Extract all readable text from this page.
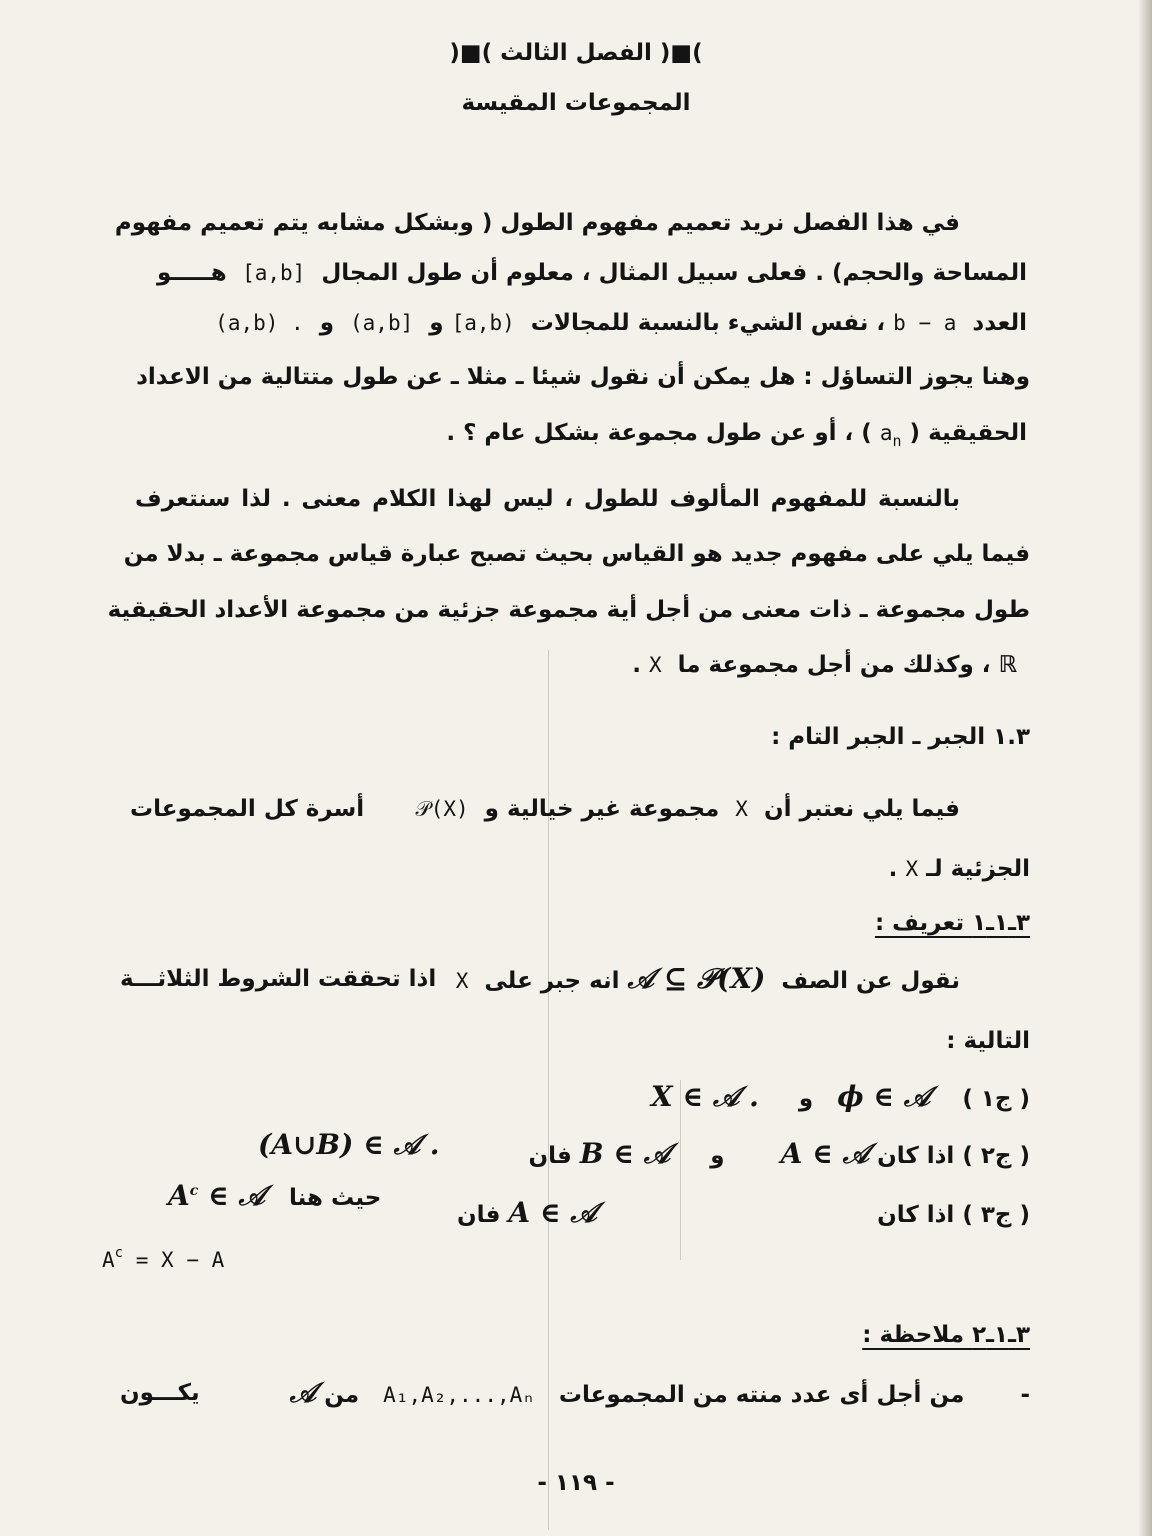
)■( الفصل الثالث )■(
المجموعات المقيسة
في هذا الفصل نريد تعميم مفهوم الطول ( وبشكل مشابه يتم تعميم مفهوم
المساحة والحجم) . فعلى سبيل المثال ، معلوم أن طول المجال  [a,b]
هـــــو
العدد  b − a ، نفس الشيء بالنسبة للمجالات  [a,b) و  (a,b]  و  (a,b) .
وهنا يجوز التساؤل : هل يمكن أن نقول شيئا ـ مثلا ـ عن طول متتالية من الاعداد
الحقيقية ( $a_n$ ) ، أو عن طول مجموعة بشكل عام ؟ .
بالنسبة للمفهوم المألوف للطول ، ليس لهذا الكلام معنى . لذا سنتعرف
فيما يلي على مفهوم جديد هو القياس بحيث تصبح عبارة قياس مجموعة ـ بدلا من
طول مجموعة ـ ذات معنى من أجل أية مجموعة جزئية من مجموعة الأعداد الحقيقية
ℝ ، وكذلك من أجل مجموعة ما  X .
١.٣ الجبر ـ الجبر التام :
فيما يلي نعتبر أن  X  مجموعة غير خيالية و  𝒫(X)
أسرة كل المجموعات
الجزئية لـ X .
٣ـ١ـ١ تعريف :
نقول عن الصف  𝒜 ⊆ 𝒫(X) انه جبر على  X
اذا تحققت الشروط الثلاثـــة
التالية :
( ج١ )    ϕ ∈ 𝒜   و     X ∈ 𝒜 .
( ج٢ ) اذا كان A ∈ 𝒜       و     B ∈ 𝒜 فان
(A∪B) ∈ 𝒜 .
( ج٣ ) اذا كان                                   A ∈ 𝒜 فان
حيث هنا   $A^c$ ∈ 𝒜
$A^c = X - A$
٣ـ١ـ٢ ملاحظة :
-       من أجل أى عدد منته من المجموعات   A₁,A₂,...,Aₙ   من 𝒜
يكـــون
- ١١٩ -
